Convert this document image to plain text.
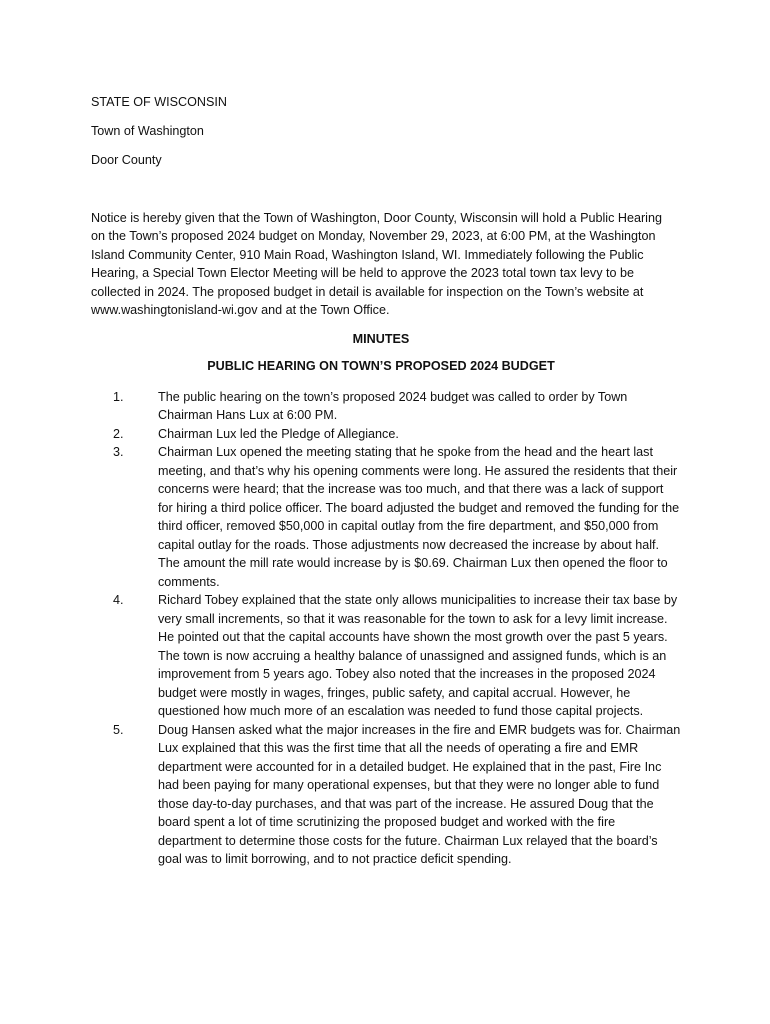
STATE OF WISCONSIN
Town of Washington
Door County

Notice is hereby given that the Town of Washington, Door County, Wisconsin will hold a Public Hearing on the Town’s proposed 2024 budget on Monday, November 29, 2023, at 6:00 PM, at the Washington Island Community Center, 910 Main Road, Washington Island, WI. Immediately following the Public Hearing, a Special Town Elector Meeting will be held to approve the 2023 total town tax levy to be collected in 2024. The proposed budget in detail is available for inspection on the Town’s website at www.washingtonisland-wi.gov and at the Town Office.

MINUTES
PUBLIC HEARING ON TOWN’S PROPOSED 2024 BUDGET
1.	The public hearing on the town’s proposed 2024 budget was called to order by Town Chairman Hans Lux at 6:00 PM.
2.	Chairman Lux led the Pledge of Allegiance.
3.	Chairman Lux opened the meeting stating that he spoke from the head and the heart last meeting, and that’s why his opening comments were long. He assured the residents that their concerns were heard; that the increase was too much, and that there was a lack of support for hiring a third police officer. The board adjusted the budget and removed the funding for the third officer, removed $50,000 in capital outlay from the fire department, and $50,000 from capital outlay for the roads. Those adjustments now decreased the increase by about half. The amount the mill rate would increase by is $0.69. Chairman Lux then opened the floor to comments.
4.	Richard Tobey explained that the state only allows municipalities to increase their tax base by very small increments, so that it was reasonable for the town to ask for a levy limit increase. He pointed out that the capital accounts have shown the most growth over the past 5 years. The town is now accruing a healthy balance of unassigned and assigned funds, which is an improvement from 5 years ago. Tobey also noted that the increases in the proposed 2024 budget were mostly in wages, fringes, public safety, and capital accrual. However, he questioned how much more of an escalation was needed to fund those capital projects.
5.	Doug Hansen asked what the major increases in the fire and EMR budgets was for. Chairman Lux explained that this was the first time that all the needs of operating a fire and EMR department were accounted for in a detailed budget. He explained that in the past, Fire Inc had been paying for many operational expenses, but that they were no longer able to fund those day-to-day purchases, and that was part of the increase. He assured Doug that the board spent a lot of time scrutinizing the proposed budget and worked with the fire department to determine those costs for the future. Chairman Lux relayed that the board’s goal was to limit borrowing, and to not practice deficit spending.
